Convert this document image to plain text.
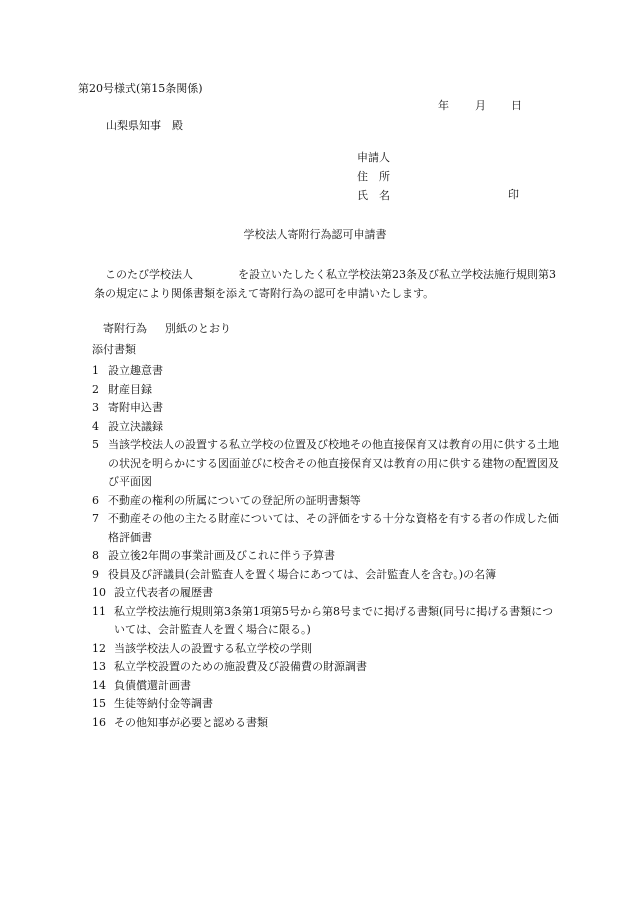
第20号様式(第15条関係)
年 月 日
山梨県知事　殿
申請人
住　所
氏　名	印
学校法人寄附行為認可申請書
このたび学校法人	を設立いたしたく私立学校法第23条及び私立学校法施行規則第3条の規定により関係書類を添えて寄附行為の認可を申請いたします。
寄附行為 別紙のとおり
添付書類
1 設立趣意書
2 財産目録
3 寄附申込書
4 設立決議録
5 当該学校法人の設置する私立学校の位置及び校地その他直接保育又は教育の用に供する土地の状況を明らかにする図面並びに校舎その他直接保育又は教育の用に供する建物の配置図及び平面図
6 不動産の権利の所属についての登記所の証明書類等
7 不動産その他の主たる財産については、その評価をする十分な資格を有する者の作成した価格評価書
8 設立後2年間の事業計画及びこれに伴う予算書
9 役員及び評議員(会計監査人を置く場合にあつては、会計監査人を含む。)の名簿
10 設立代表者の履歴書
11 私立学校法施行規則第3条第1項第5号から第8号までに掲げる書類(同号に掲げる書類については、会計監査人を置く場合に限る。)
12 当該学校法人の設置する私立学校の学則
13 私立学校設置のための施設費及び設備費の財源調書
14 負債償還計画書
15 生徒等納付金等調書
16 その他知事が必要と認める書類
